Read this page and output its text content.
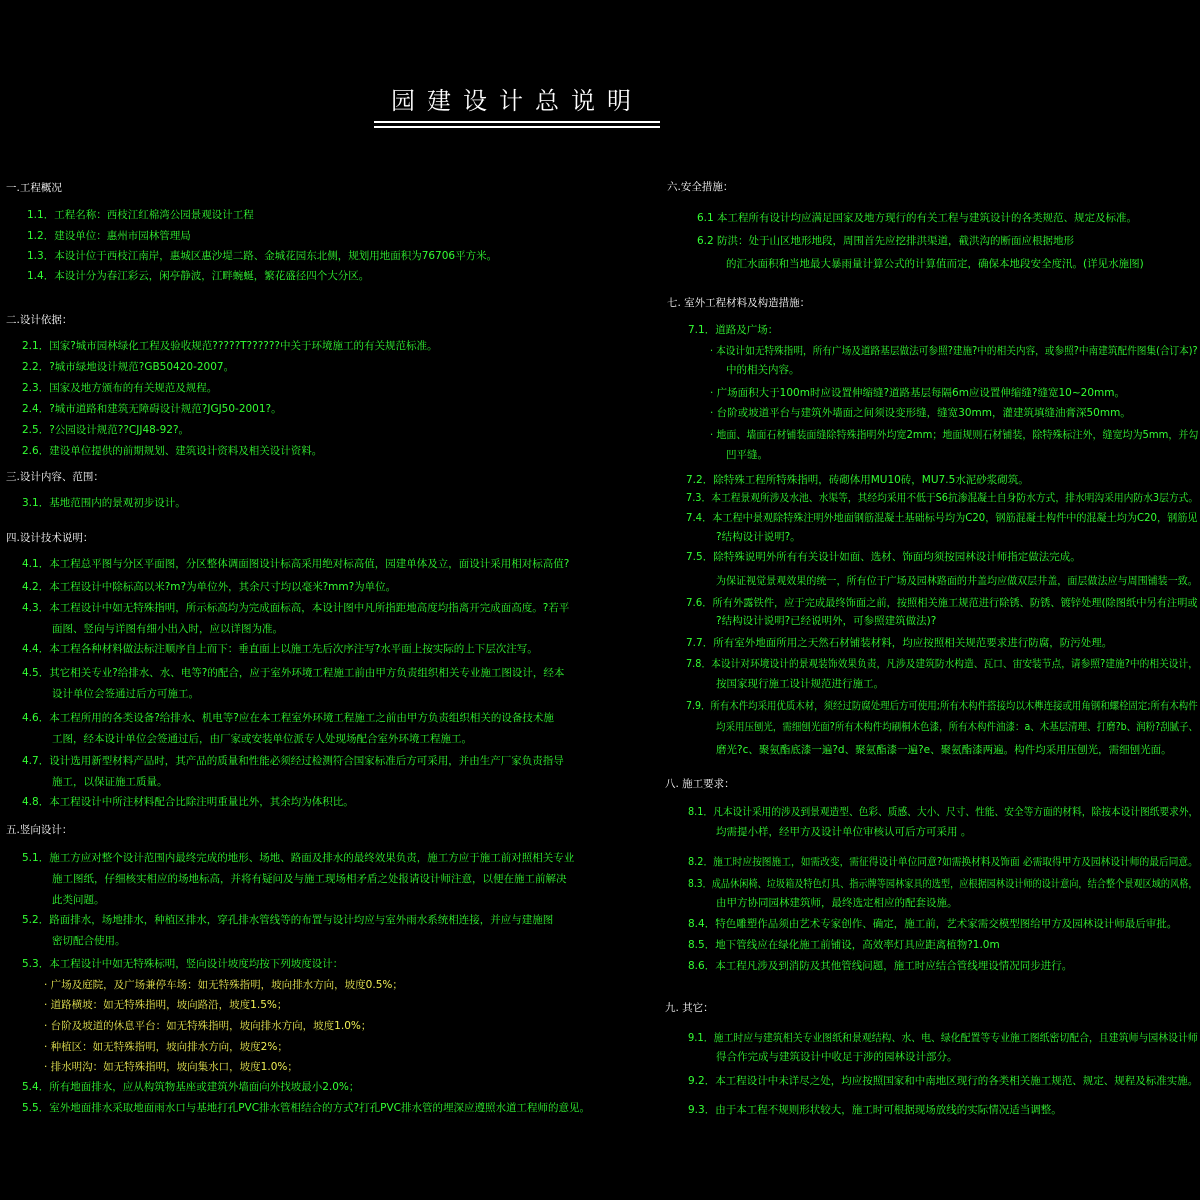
园建设计总说明
一.工程概况
1.1．工程名称：西枝江红棉湾公园景观设计工程
1.2．建设单位：惠州市园林管理局
1.3．本设计位于西枝江南岸，惠城区惠沙堤二路、金城花园东北侧，规划用地面积为76706平方米。
1.4．本设计分为春江彩云，闲亭静波，江畔蜿蜒，繁花盛径四个大分区。
二.设计依据：
2.1．国家?城市园林绿化工程及验收规范?????T??????中关于环境施工的有关规范标准。
2.2．?城市绿地设计规范?GB50420-2007。
2.3．国家及地方颁布的有关规范及规程。
2.4．?城市道路和建筑无障碍设计规范?JGJ50-2001?。
2.5．?公园设计规范??CJJ48-92?。
2.6．建设单位提供的前期规划、建筑设计资料及相关设计资料。
三.设计内容、范围：
3.1．基地范围内的景观初步设计。
四.设计技术说明：
4.1．本工程总平图与分区平面图，分区整体调面图设计标高采用绝对标高值，园建单体及立，面设计采用相对标高值?
4.2．本工程设计中除标高以米?m?为单位外，其余尺寸均以毫米?mm?为单位。
4.3．本工程设计中如无特殊指明，所示标高均为完成面标高，本设计图中凡所指距地高度均指离开完成面高度。?若平
面图、竖向与详图有细小出入时，应以详图为准。
4.4．本工程各种材料做法标注顺序自上而下：垂直面上以施工先后次序注写?水平面上按实际的上下层次注写。
4.5．其它相关专业?给排水、水、电等?的配合，应于室外环境工程施工前由甲方负责组织相关专业施工图设计，经本
设计单位会签通过后方可施工。
4.6．本工程所用的各类设备?给排水、机电等?应在本工程室外环境工程施工之前由甲方负责组织相关的设备技术施
工图，经本设计单位会签通过后，由厂家或安装单位派专人处现场配合室外环境工程施工。
4.7．设计选用新型材料产品时，其产品的质量和性能必须经过检测符合国家标准后方可采用，并由生产厂家负责指导
施工，以保证施工质量。
4.8．本工程设计中所注材料配合比除注明重量比外，其余均为体积比。
五.竖向设计：
5.1．施工方应对整个设计范围内最终完成的地形、场地、路面及排水的最终效果负责，施工方应于施工前对照相关专业
施工图纸，仔细核实相应的场地标高，并将有疑问及与施工现场相矛盾之处报请设计师注意，以便在施工前解决
此类问题。
5.2．路面排水，场地排水，种植区排水，穿孔排水管线等的布置与设计均应与室外雨水系统相连接，并应与建施图
密切配合使用。
5.3．本工程设计中如无特殊标明，竖向设计坡度均按下列坡度设计：
· 广场及庭院，及广场兼停车场：如无特殊指明，坡向排水方向，坡度0.5%；
· 道路横坡：如无特殊指明，坡向路沿，坡度1.5%；
· 台阶及坡道的休息平台：如无特殊指明，坡向排水方向，坡度1.0%；
· 种植区：如无特殊指明，坡向排水方向，坡度2%；
· 排水明沟：如无特殊指明，坡向集水口，坡度1.0%；
5.4．所有地面排水，应从构筑物基座或建筑外墙面向外找坡最小2.0%；
5.5．室外地面排水采取地面雨水口与基地打孔PVC排水管相结合的方式?打孔PVC排水管的埋深应遵照水道工程师的意见。
六.安全措施：
6.1 本工程所有设计均应满足国家及地方现行的有关工程与建筑设计的各类规范、规定及标准。
6.2 防洪：处于山区地形地段，周围首先应挖排洪渠道，截洪沟的断面应根据地形
的汇水面积和当地最大暴雨量计算公式的计算值而定，确保本地段安全度汛。(详见水施图)
七. 室外工程材料及构造措施：
7.1．道路及广场：
· 本设计如无特殊指明，所有广场及道路基层做法可参照?建施?中的相关内容，或参照?中南建筑配件图集(合订本)?
中的相关内容。
· 广场面积大于100m时应设置伸缩缝?道路基层每隔6m应设置伸缩缝?缝宽10~20mm。
· 台阶或坡道平台与建筑外墙面之间须设变形缝，缝宽30mm，灌建筑填缝油膏深50mm。
· 地面、墙面石材铺装面缝除特殊指明外均宽2mm；地面规则石材铺装，除特殊标注外，缝宽均为5mm，并勾
凹平缝。
7.2．除特殊工程所特殊指明，砖砌体用MU10砖，MU7.5水泥砂浆砌筑。
7.3．本工程景观所涉及水池、水渠等，其经均采用不低于S6抗渗混凝土自身防水方式，排水明沟采用内防水3层方式。
7.4．本工程中景观除特殊注明外地面钢筋混凝土基础标号均为C20，钢筋混凝土构件中的混凝土均为C20，钢筋见
?结构设计说明?。
7.5．除特殊说明外所有有关设计如面、选材、饰面均须按园林设计师指定做法完成。
为保证视觉景观效果的统一，所有位于广场及园林路面的井盖均应做双层井盖，面层做法应与周围铺装一致。
7.6．所有外露铁件，应于完成最终饰面之前，按照相关施工规范进行除锈、防锈、镀锌处理(除图纸中另有注明或
?结构设计说明?已经说明外，可参照建筑做法)?
7.7．所有室外地面所用之天然石材铺装材料，均应按照相关规范要求进行防腐，防污处理。
7.8．本设计对环境设计的景观装饰效果负责，凡涉及建筑防水构造、瓦口、宙安装节点，请参照?建施?中的相关设计，
按国家现行施工设计规范进行施工。
7.9．所有木件均采用优质木材，须经过防腐处理后方可使用;所有木构件搭接均以木榫连接或用角钢和螺栓固定;所有木构件
均采用压刨光，需细刨光面?所有木构件均刷桐木色漆，所有木构件油漆：a、木基层清理、打磨?b、润粉?刮腻子、
磨光?c、聚氨酯底漆一遍?d、聚氨酯漆一遍?e、聚氨酯漆两遍。构件均采用压刨光，需细刨光面。
八. 施工要求：
8.1．凡本设计采用的涉及到景观造型、色彩、质感、大小、尺寸、性能、安全等方面的材料，除按本设计图纸要求外，
均需提小样，经甲方及设计单位审核认可后方可采用 。
8.2．施工时应按图施工，如需改变，需征得设计单位同意?如需换材料及饰面 必需取得甲方及园林设计师的最后同意。
8.3．成品休闲椅、垃圾箱及特色灯具、指示牌等园林家具的选型，应根据园林设计师的设计意向，结合整个景观区域的风格，
由甲方协同园林建筑师，最终选定相应的配套设施。
8.4．特色雕塑作品须由艺术专家创作、确定，施工前，艺术家需交模型图给甲方及园林设计师最后审批。
8.5．地下管线应在绿化施工前铺设，高效率灯具应距离植物?1.0m
8.6．本工程凡涉及到消防及其他管线问题，施工时应结合管线埋设情况同步进行。
九. 其它：
9.1．施工时应与建筑相关专业图纸和景观结构、水、电、绿化配置等专业施工图纸密切配合，且建筑师与园林设计师
得合作完成与建筑设计中收足于涉的园林设计部分。
9.2．本工程设计中未详尽之处，均应按照国家和中南地区现行的各类相关施工规范、规定、规程及标准实施。
9.3．由于本工程不规则形状较大，施工时可根据现场放线的实际情况适当调整。
